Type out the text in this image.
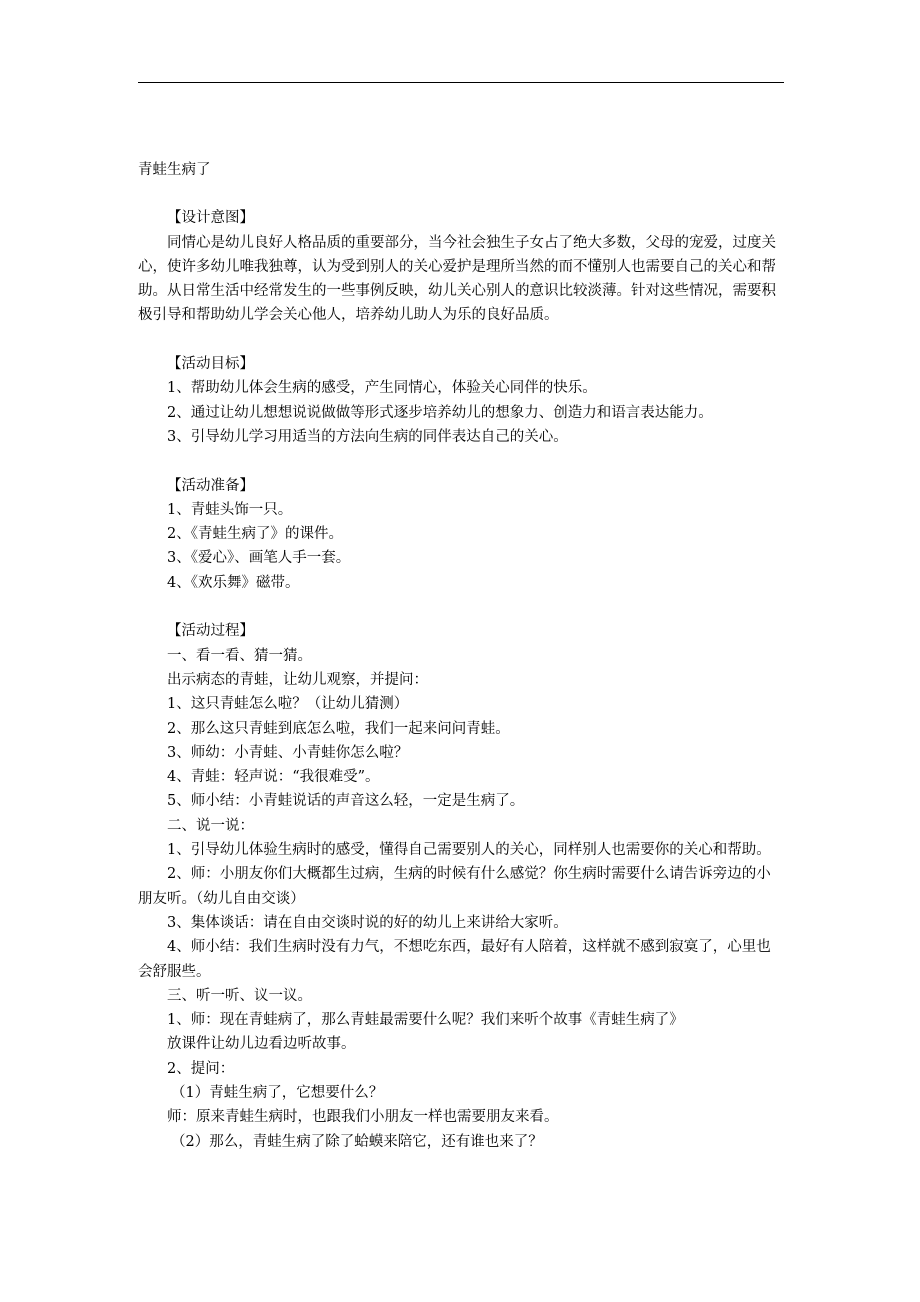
青蛙生病了

【设计意图】

同情心是幼儿良好人格品质的重要部分，当今社会独生子女占了绝大多数，父母的宠爱，过度关心，使许多幼儿唯我独尊，认为受到别人的关心爱护是理所当然的而不懂别人也需要自己的关心和帮助。从日常生活中经常发生的一些事例反映，幼儿关心别人的意识比较淡薄。针对这些情况，需要积极引导和帮助幼儿学会关心他人，培养幼儿助人为乐的良好品质。

【活动目标】

1、帮助幼儿体会生病的感受，产生同情心，体验关心同伴的快乐。

2、通过让幼儿想想说说做做等形式逐步培养幼儿的想象力、创造力和语言表达能力。

3、引导幼儿学习用适当的方法向生病的同伴表达自己的关心。

【活动准备】

1、青蛙头饰一只。

2、《青蛙生病了》的课件。

3、《爱心》、画笔人手一套。

4、《欢乐舞》磁带。

【活动过程】

一、看一看、猜一猜。

出示病态的青蛙，让幼儿观察，并提问：

1、这只青蛙怎么啦？（让幼儿猜测）

2、那么这只青蛙到底怎么啦，我们一起来问问青蛙。

3、师幼：小青蛙、小青蛙你怎么啦？

4、青蛙：轻声说：“我很难受”。

5、师小结：小青蛙说话的声音这么轻，一定是生病了。

二、说一说：

1、引导幼儿体验生病时的感受，懂得自己需要别人的关心，同样别人也需要你的关心和帮助。

2、师：小朋友你们大概都生过病，生病的时候有什么感觉？你生病时需要什么请告诉旁边的小朋友听。（幼儿自由交谈）

3、集体谈话：请在自由交谈时说的好的幼儿上来讲给大家听。

4、师小结：我们生病时没有力气，不想吃东西，最好有人陪着，这样就不感到寂寞了，心里也会舒服些。

三、听一听、议一议。

1、师：现在青蛙病了，那么青蛙最需要什么呢？我们来听个故事《青蛙生病了》

放课件让幼儿边看边听故事。

2、提问：

（1）青蛙生病了，它想要什么？

师：原来青蛙生病时，也跟我们小朋友一样也需要朋友来看。

（2）那么，青蛙生病了除了蛤蟆来陪它，还有谁也来了？
